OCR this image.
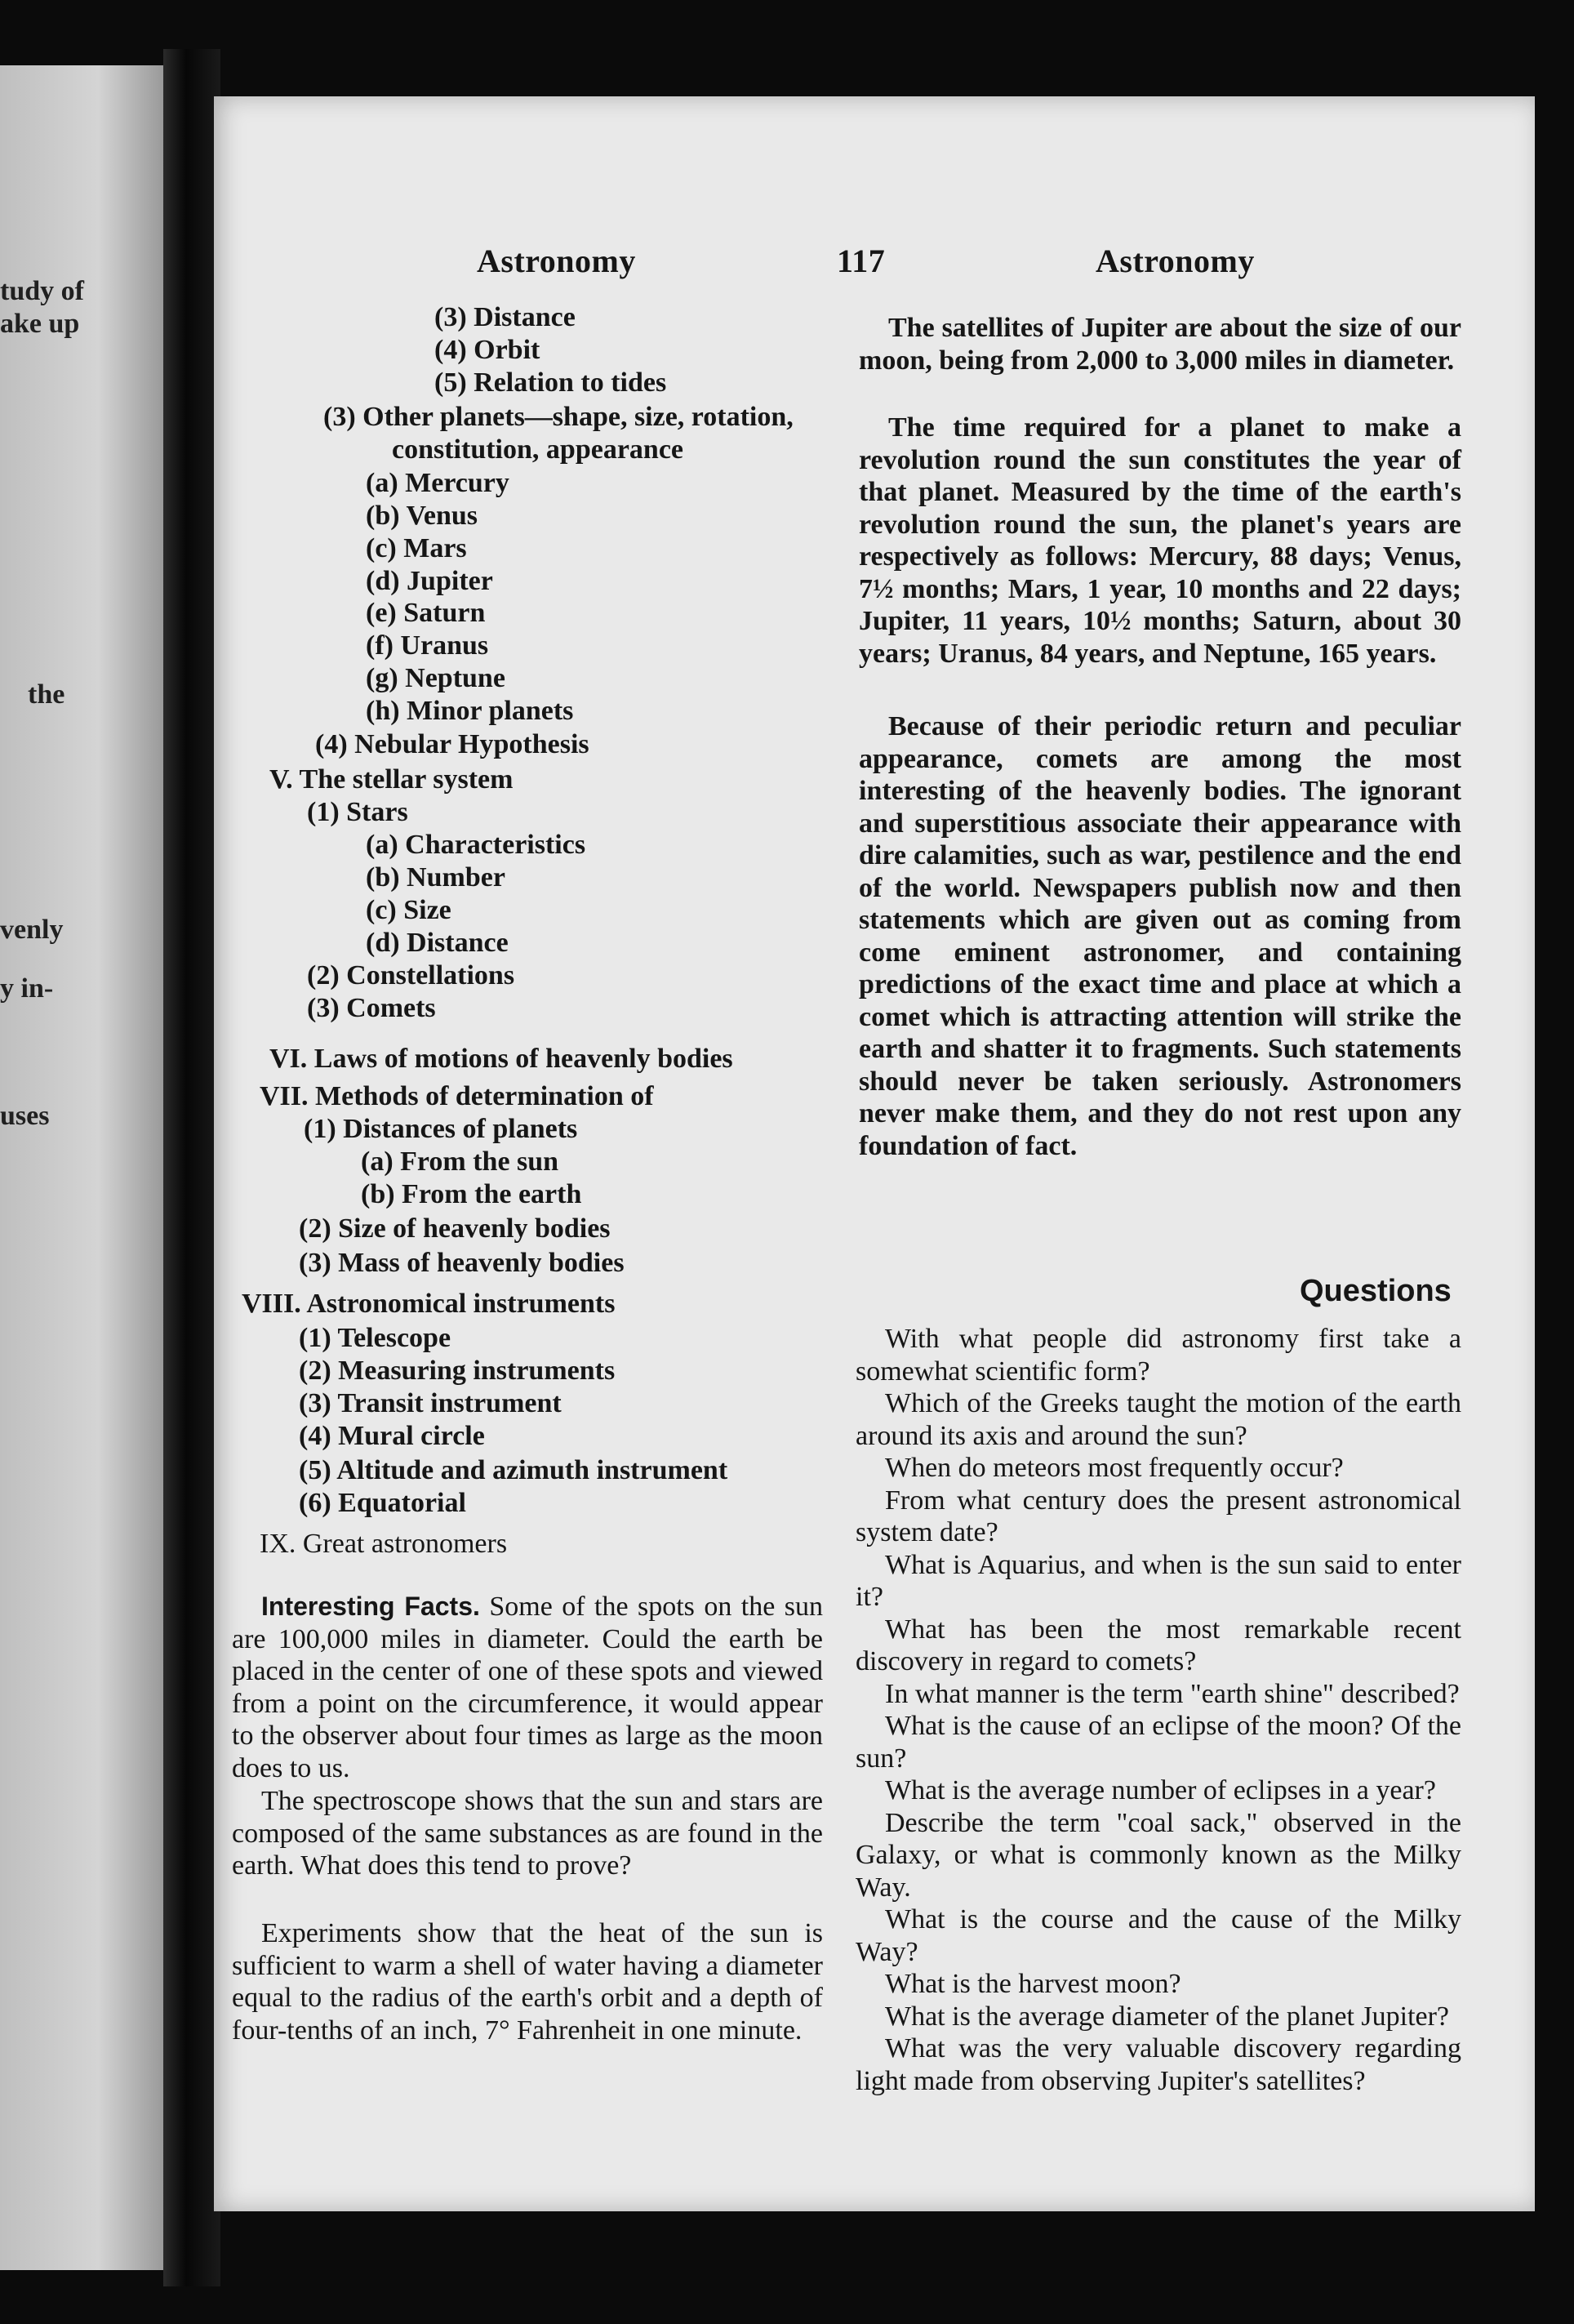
tudy of
ake up
the
venly
y in-
uses
Astronomy	117	Astronomy
(3) Distance
(4) Orbit
(5) Relation to tides
(3) Other planets—shape, size, rotation,
constitution, appearance
(a) Mercury
(b) Venus
(c) Mars
(d) Jupiter
(e) Saturn
(f) Uranus
(g) Neptune
(h) Minor planets
(4) Nebular Hypothesis
V. The stellar system
(1) Stars
(a) Characteristics
(b) Number
(c) Size
(d) Distance
(2) Constellations
(3) Comets
VI. Laws of motions of heavenly bodies
VII. Methods of determination of
(1) Distances of planets
(a) From the sun
(b) From the earth
(2) Size of heavenly bodies
(3) Mass of heavenly bodies
VIII. Astronomical instruments
(1) Telescope
(2) Measuring instruments
(3) Transit instrument
(4) Mural circle
(5) Altitude and azimuth instrument
(6) Equatorial
IX. Great astronomers

Interesting Facts. Some of the spots on the sun are 100,000 miles in diameter. Could the earth be placed in the center of one of these spots and viewed from a point on the circumference, it would appear to the observer about four times as large as the moon does to us.

The spectroscope shows that the sun and stars are composed of the same substances as are found in the earth. What does this tend to prove?

Experiments show that the heat of the sun is sufficient to warm a shell of water having a diameter equal to the radius of the earth's orbit and a depth of four-tenths of an inch, 7° Fahrenheit in one minute.

The satellites of Jupiter are about the size of our moon, being from 2,000 to 3,000 miles in diameter.

The time required for a planet to make a revolution round the sun constitutes the year of that planet. Measured by the time of the earth's revolution round the sun, the planet's years are respectively as follows: Mercury, 88 days; Venus, 7½ months; Mars, 1 year, 10 months and 22 days; Jupiter, 11 years, 10½ months; Saturn, about 30 years; Uranus, 84 years, and Neptune, 165 years.

Because of their periodic return and peculiar appearance, comets are among the most interesting of the heavenly bodies. The ignorant and superstitious associate their appearance with dire calamities, such as war, pestilence and the end of the world. Newspapers publish now and then statements which are given out as coming from come eminent astronomer, and containing predictions of the exact time and place at which a comet which is attracting attention will strike the earth and shatter it to fragments. Such statements should never be taken seriously. Astronomers never make them, and they do not rest upon any foundation of fact.

Questions

With what people did astronomy first take a somewhat scientific form?

Which of the Greeks taught the motion of the earth around its axis and around the sun?

When do meteors most frequently occur?

From what century does the present astronomical system date?

What is Aquarius, and when is the sun said to enter it?

What has been the most remarkable recent discovery in regard to comets?

In what manner is the term "earth shine" described?

What is the cause of an eclipse of the moon? Of the sun?

What is the average number of eclipses in a year?

Describe the term "coal sack," observed in the Galaxy, or what is commonly known as the Milky Way.

What is the course and the cause of the Milky Way?

What is the harvest moon?

What is the average diameter of the planet Jupiter?

What was the very valuable discovery regarding light made from observing Jupiter's satellites?
